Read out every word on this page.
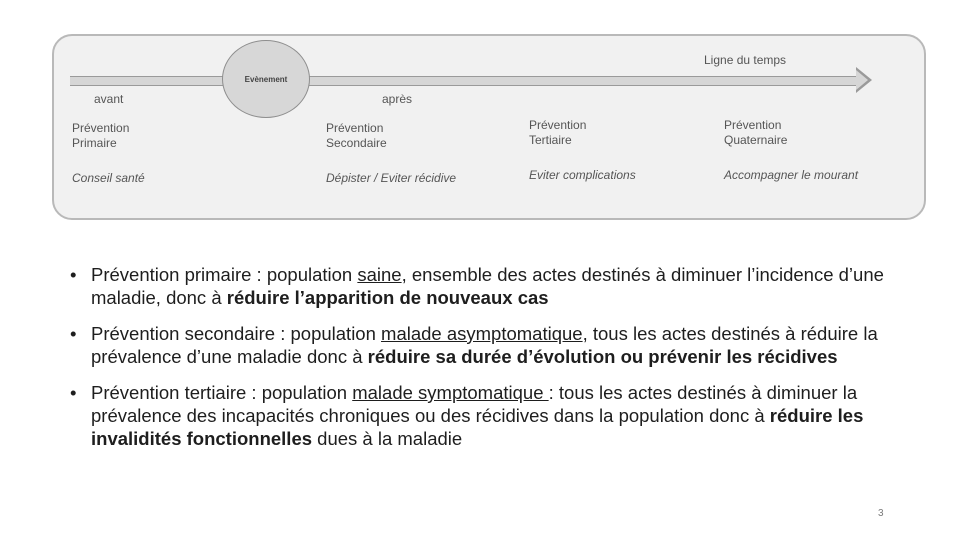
Evènement
Ligne du temps
avant	après
Prévention
Primaire
Conseil santé
Prévention
Secondaire
Dépister / Eviter récidive
Prévention
Tertiaire
Eviter complications
Prévention
Quaternaire
Accompagner le mourant
• Prévention primaire : population saine, ensemble des actes destinés à diminuer l’incidence d’une maladie, donc à réduire l’apparition de nouveaux cas
• Prévention secondaire : population malade asymptomatique, tous les actes destinés à réduire la prévalence d’une maladie donc à réduire sa durée d’évolution ou prévenir les récidives
• Prévention tertiaire : population malade symptomatique : tous les actes destinés à diminuer la prévalence des incapacités chroniques ou des récidives dans la population donc à réduire les invalidités fonctionnelles dues à la maladie
3
